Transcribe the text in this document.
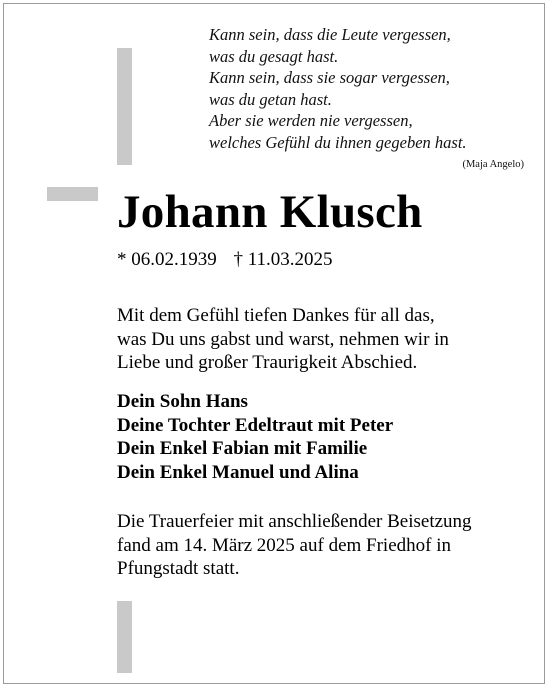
Kann sein, dass die Leute vergessen,
was du gesagt hast.
Kann sein, dass sie sogar vergessen,
was du getan hast.
Aber sie werden nie vergessen,
welches Gefühl du ihnen gegeben hast.
(Maja Angelo)
Johann Klusch
* 06.02.1939 † 11.03.2025
Mit dem Gefühl tiefen Dankes für all das,
was Du uns gabst und warst, nehmen wir in
Liebe und großer Traurigkeit Abschied.
Dein Sohn Hans
Deine Tochter Edeltraut mit Peter
Dein Enkel Fabian mit Familie
Dein Enkel Manuel und Alina
Die Trauerfeier mit anschließender Beisetzung
fand am 14. März 2025 auf dem Friedhof in
Pfungstadt statt.
